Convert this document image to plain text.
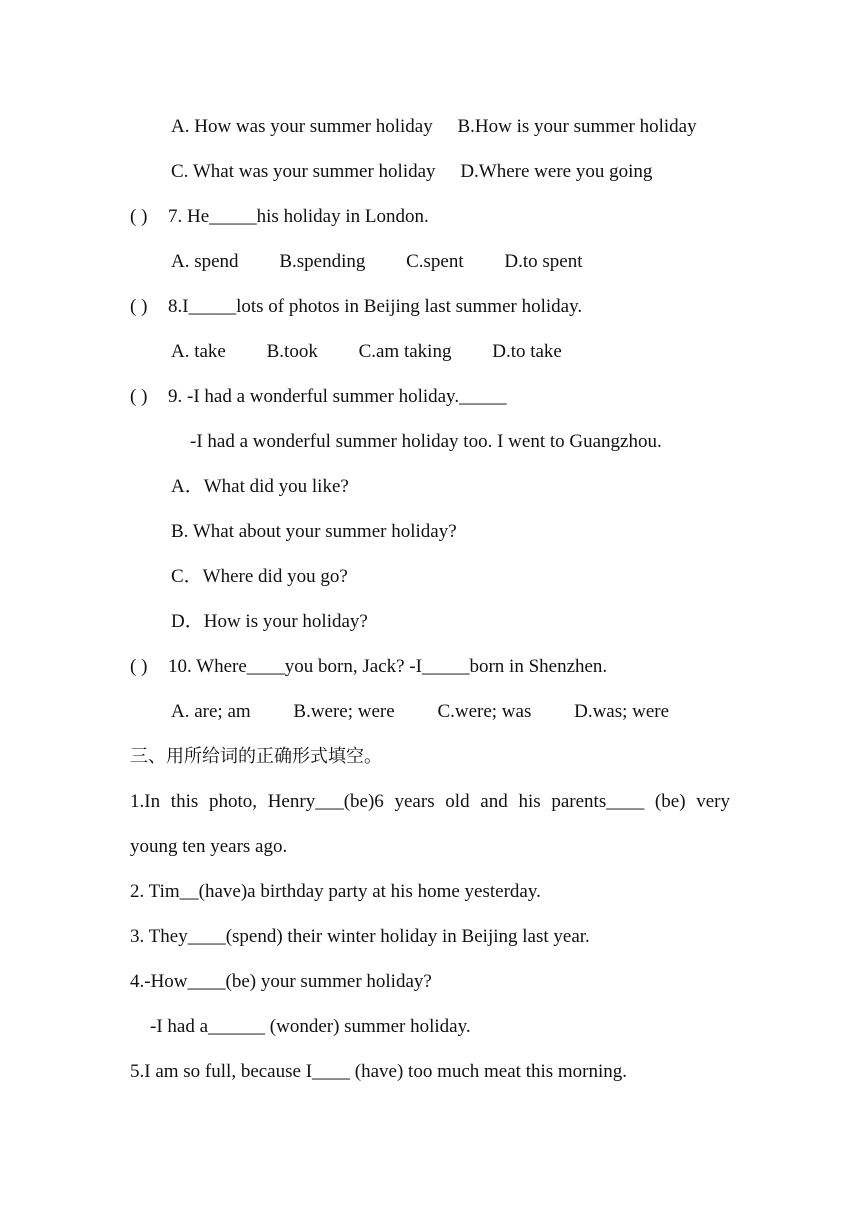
A. How was your summer holiday B.How is your summer holiday
C. What was your summer holiday D.Where were you going
( ) 7. He_____his holiday in London.
A. spend B.spending C.spent D.to spent
( ) 8.I_____lots of photos in Beijing last summer holiday.
A. take B.took C.am taking D.to take
( ) 9. -I had a wonderful summer holiday._____
-I had a wonderful summer holiday too. I went to Guangzhou.
A．What did you like?
B. What about your summer holiday?
C．Where did you go?
D．How is your holiday?
( ) 10. Where____you born, Jack? -I_____born in Shenzhen.
A. are; am B.were; were C.were; was D.was; were
三、用所给词的正确形式填空。
1.In this photo, Henry___(be)6 years old and his parents____ (be) very
young ten years ago.
2. Tim__(have)a birthday party at his home yesterday.
3. They____(spend) their winter holiday in Beijing last year.
4.-How____(be) your summer holiday?
-I had a______ (wonder) summer holiday.
5.I am so full, because I____ (have) too much meat this morning.
